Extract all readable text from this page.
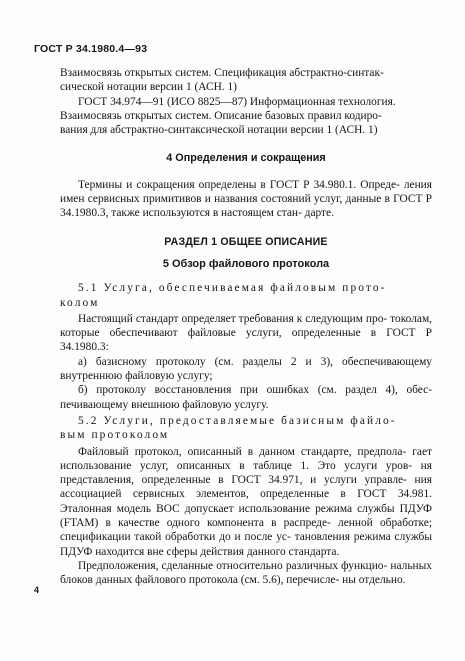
ГОСТ Р 34.1980.4—93

Взаимосвязь открытых систем. Спецификация абстрактно-синтак-

сической нотации версии 1 (АСН. 1)

ГОСТ 34.974—91 (ИСО 8825—87) Информационная технология.

Взаимосвязь открытых систем. Описание базовых правил кодиро-

вания для абстрактно-синтаксической нотации версии 1 (АСН. 1)

4 Определения и сокращения

Термины и сокращения определены в ГОСТ Р 34.980.1. Опреде- ления имен сервисных примитивов и названия состояний услуг, данные в ГОСТ Р 34.1980.3, также используются в настоящем стан- дарте.

РАЗДЕЛ 1 ОБЩЕЕ ОПИСАНИЕ
5 Обзор файлового протокола

5.1 Услуга, обеспечиваемая файловым прото-

колом

Настоящий стандарт определяет требования к следующим про- токолам, которые обеспечивают файловые услуги, определенные в ГОСТ Р 34.1980.3:

а) базисному протоколу (см. разделы 2 и 3), обеспечивающему внутреннюю файловую услугу;

б) протоколу восстановления при ошибках (см. раздел 4), обес- печивающему внешнюю файловую услугу.

5.2 Услуги, предоставляемые базисным файло-

вым протоколом

Файловый протокол, описанный в данном стандарте, предпола- гает использование услуг, описанных в таблице 1. Это услуги уров- ня представления, определенные в ГОСТ 34.971, и услуги управле- ния ассоциацией сервисных элементов, определенные в ГОСТ 34.981. Эталонная модель ВОС допускает использование режима службы ПДУФ (FTAM) в качестве одного компонента в распреде- ленной обработке; спецификации такой обработки до и после ус- тановления режима службы ПДУФ находится вне сферы действия данного стандарта.

Предположения, сделанные относительно различных функцио- нальных блоков данных файлового протокола (см. 5.6), перечисле- ны отдельно.

4
